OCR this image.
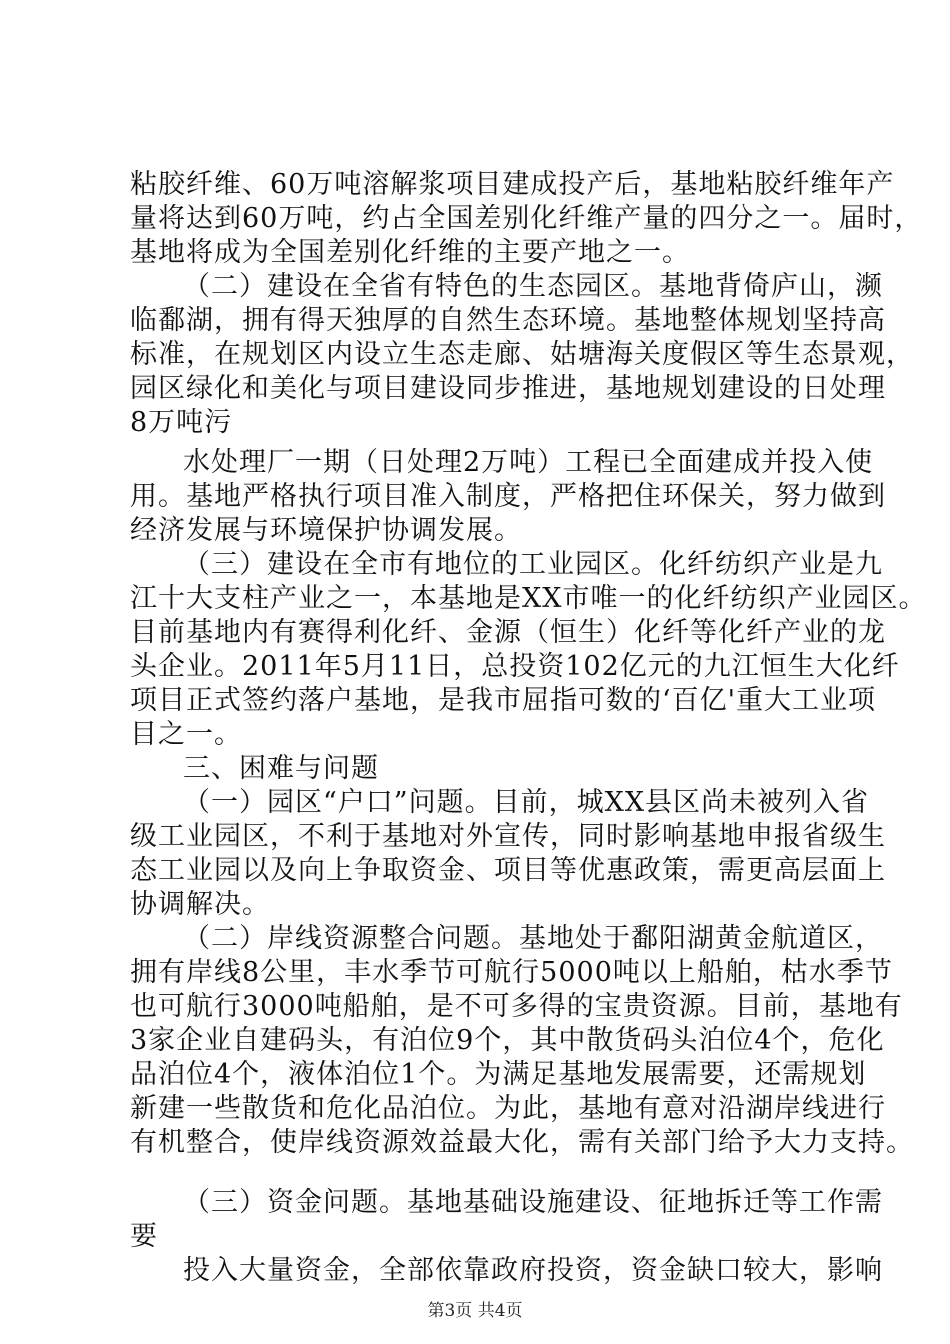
粘胶纤维、60万吨溶解浆项目建成投产后，基地粘胶纤维年产
量将达到60万吨，约占全国差别化纤维产量的四分之一。届时，
基地将成为全国差别化纤维的主要产地之一。
（二）建设在全省有特色的生态园区。基地背倚庐山，濒
临鄱湖，拥有得天独厚的自然生态环境。基地整体规划坚持高
标准，在规划区内设立生态走廊、姑塘海关度假区等生态景观，
园区绿化和美化与项目建设同步推进，基地规划建设的日处理
8万吨污
水处理厂一期（日处理2万吨）工程已全面建成并投入使
用。基地严格执行项目准入制度，严格把住环保关，努力做到
经济发展与环境保护协调发展。
（三）建设在全市有地位的工业园区。化纤纺织产业是九
江十大支柱产业之一，本基地是XX市唯一的化纤纺织产业园区。
目前基地内有赛得利化纤、金源（恒生）化纤等化纤产业的龙
头企业。2011年5月11日，总投资102亿元的九江恒生大化纤
项目正式签约落户基地，是我市屈指可数的‘百亿'重大工业项
目之一。
三、困难与问题
（一）园区“户口”问题。目前，城XX县区尚未被列入省
级工业园区，不利于基地对外宣传，同时影响基地申报省级生
态工业园以及向上争取资金、项目等优惠政策，需更高层面上
协调解决。
（二）岸线资源整合问题。基地处于鄱阳湖黄金航道区，
拥有岸线8公里，丰水季节可航行5000吨以上船舶，枯水季节
也可航行3000吨船舶，是不可多得的宝贵资源。目前，基地有
3家企业自建码头，有泊位9个，其中散货码头泊位4个，危化
品泊位4个，液体泊位1个。为满足基地发展需要，还需规划
新建一些散货和危化品泊位。为此，基地有意对沿湖岸线进行
有机整合，使岸线资源效益最大化，需有关部门给予大力支持。
（三）资金问题。基地基础设施建设、征地拆迁等工作需
要
投入大量资金，全部依靠政府投资，资金缺口较大，影响
第3页 共4页
